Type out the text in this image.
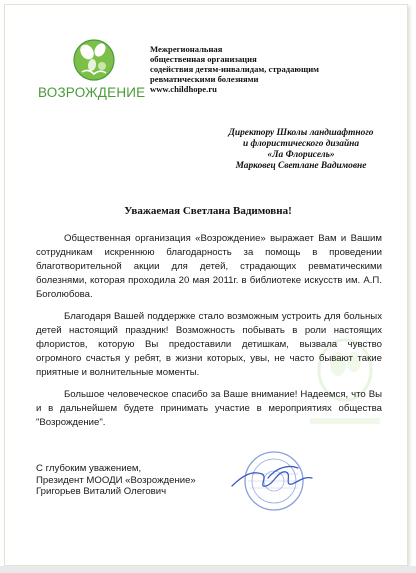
ВОЗРОЖДЕНИЕ
Межрегиональная
общественная организация
содействия детям-инвалидам, страдающим
ревматическими болезнями
www.childhope.ru
Директору Школы ландшафтного
и флористического дизайна
«Ла Флорисель»
Марковец Светлане Вадимовне
Уважаемая Светлана Вадимовна!

Общественная организация «Возрождение» выражает Вам и Вашим сотрудникам искреннюю благодарность за помощь в проведении благотворительной акции для детей, страдающих ревматическими болезнями, которая проходила 20 мая 2011г. в библиотеке искусств им. А.П. Боголюбова.

Благодаря Вашей поддержке стало возможным устроить для больных детей настоящий праздник! Возможность побывать в роли настоящих флористов, которую Вы предоставили детишкам, вызвала чувство огромного счастья у ребят, в жизни которых, увы, не часто бывают такие приятные и волнительные моменты.

Большое человеческое спасибо за Ваше внимание! Надеемся, что Вы и в дальнейшем будете принимать участие в мероприятиях общества "Возрождение".

С глубоким уважением,
Президент МООДИ «Возрождение»
Григорьев Виталий Олегович
